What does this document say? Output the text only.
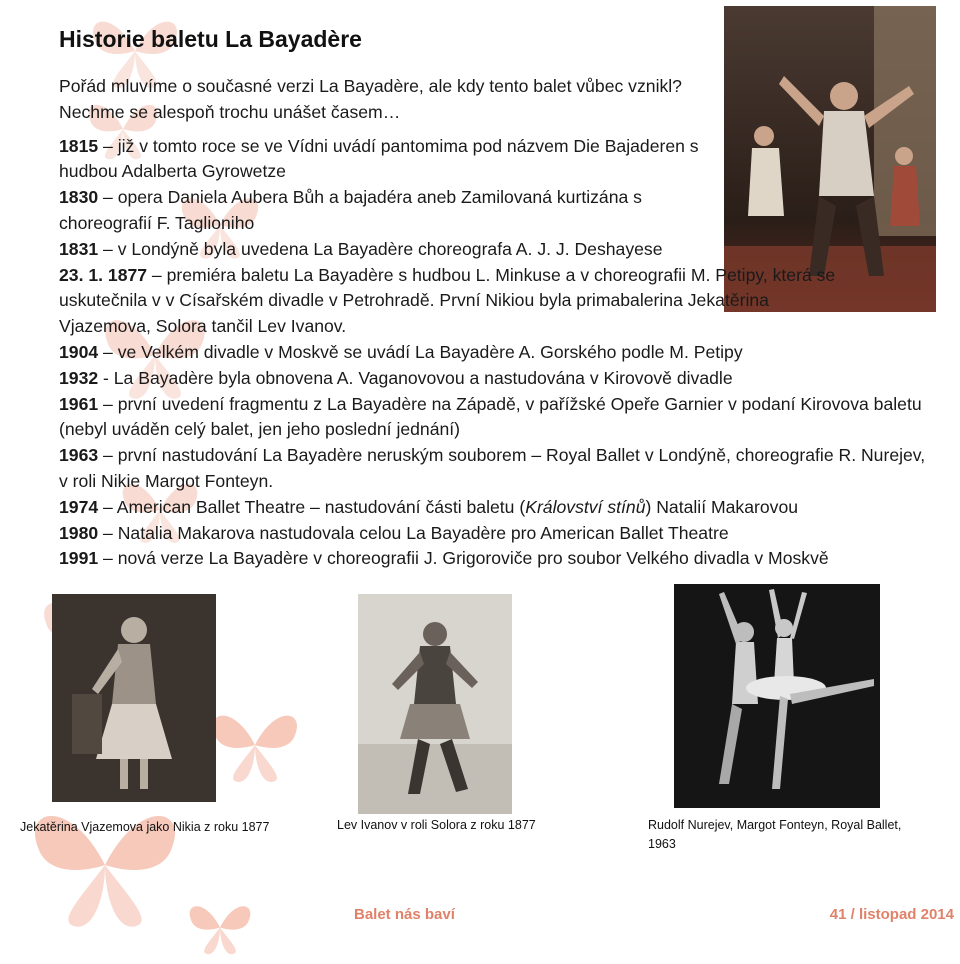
Historie baletu La Bayadère

Pořád mluvíme o současné verzi La Bayadère, ale kdy tento balet vůbec vznikl? Nechme se alespoň trochu unášet časem…

1815 – již v tomto roce se ve Vídni uvádí pantomima pod názvem Die Bajaderen s hudbou Adalberta Gyrowetze

1830 – opera Daniela Aubera Bůh a bajadéra aneb Zamilovaná kurtizána s choreografií F. Taglioniho

1831 – v Londýně byla uvedena La Bayadère choreografa A. J. J. Deshayese

23. 1. 1877 – premiéra baletu La Bayadère s hudbou L. Minkuse a v choreografii M. Petipy, která se uskutečnila v v Císařském divadle v Petrohradě. První Nikiou byla primabalerina Jekatěrina Vjazemova, Solora tančil Lev Ivanov.

1904 – ve Velkém divadle v Moskvě se uvádí La Bayadère A. Gorského podle M. Petipy

1932 - La Bayadère byla obnovena A. Vaganovovou a nastudována v Kirovově divadle

1961 – první uvedení fragmentu z La Bayadère na Západě, v pařížské Opeře Garnier v podaní Kirovova baletu (nebyl uváděn celý balet, jen jeho poslední jednání)

1963 – první nastudování La Bayadère neruským souborem – Royal Ballet v Londýně, choreografie R. Nurejev, v roli Nikie Margot Fonteyn.

1974 – American Ballet Theatre – nastudování části baletu (Království stínů) Natalií Makarovou

1980 – Natalia Makarova nastudovala celou La Bayadère pro American Ballet Theatre

1991 – nová verze La Bayadère v choreografii J. Grigoroviče pro soubor Velkého divadla v Moskvě

Jekatěrina Vjazemova jako Nikia z roku 1877	Lev Ivanov v roli Solora z roku 1877	Rudolf Nurejev, Margot Fonteyn, Royal Ballet, 1963
Balet nás baví	41 / listopad 2014
